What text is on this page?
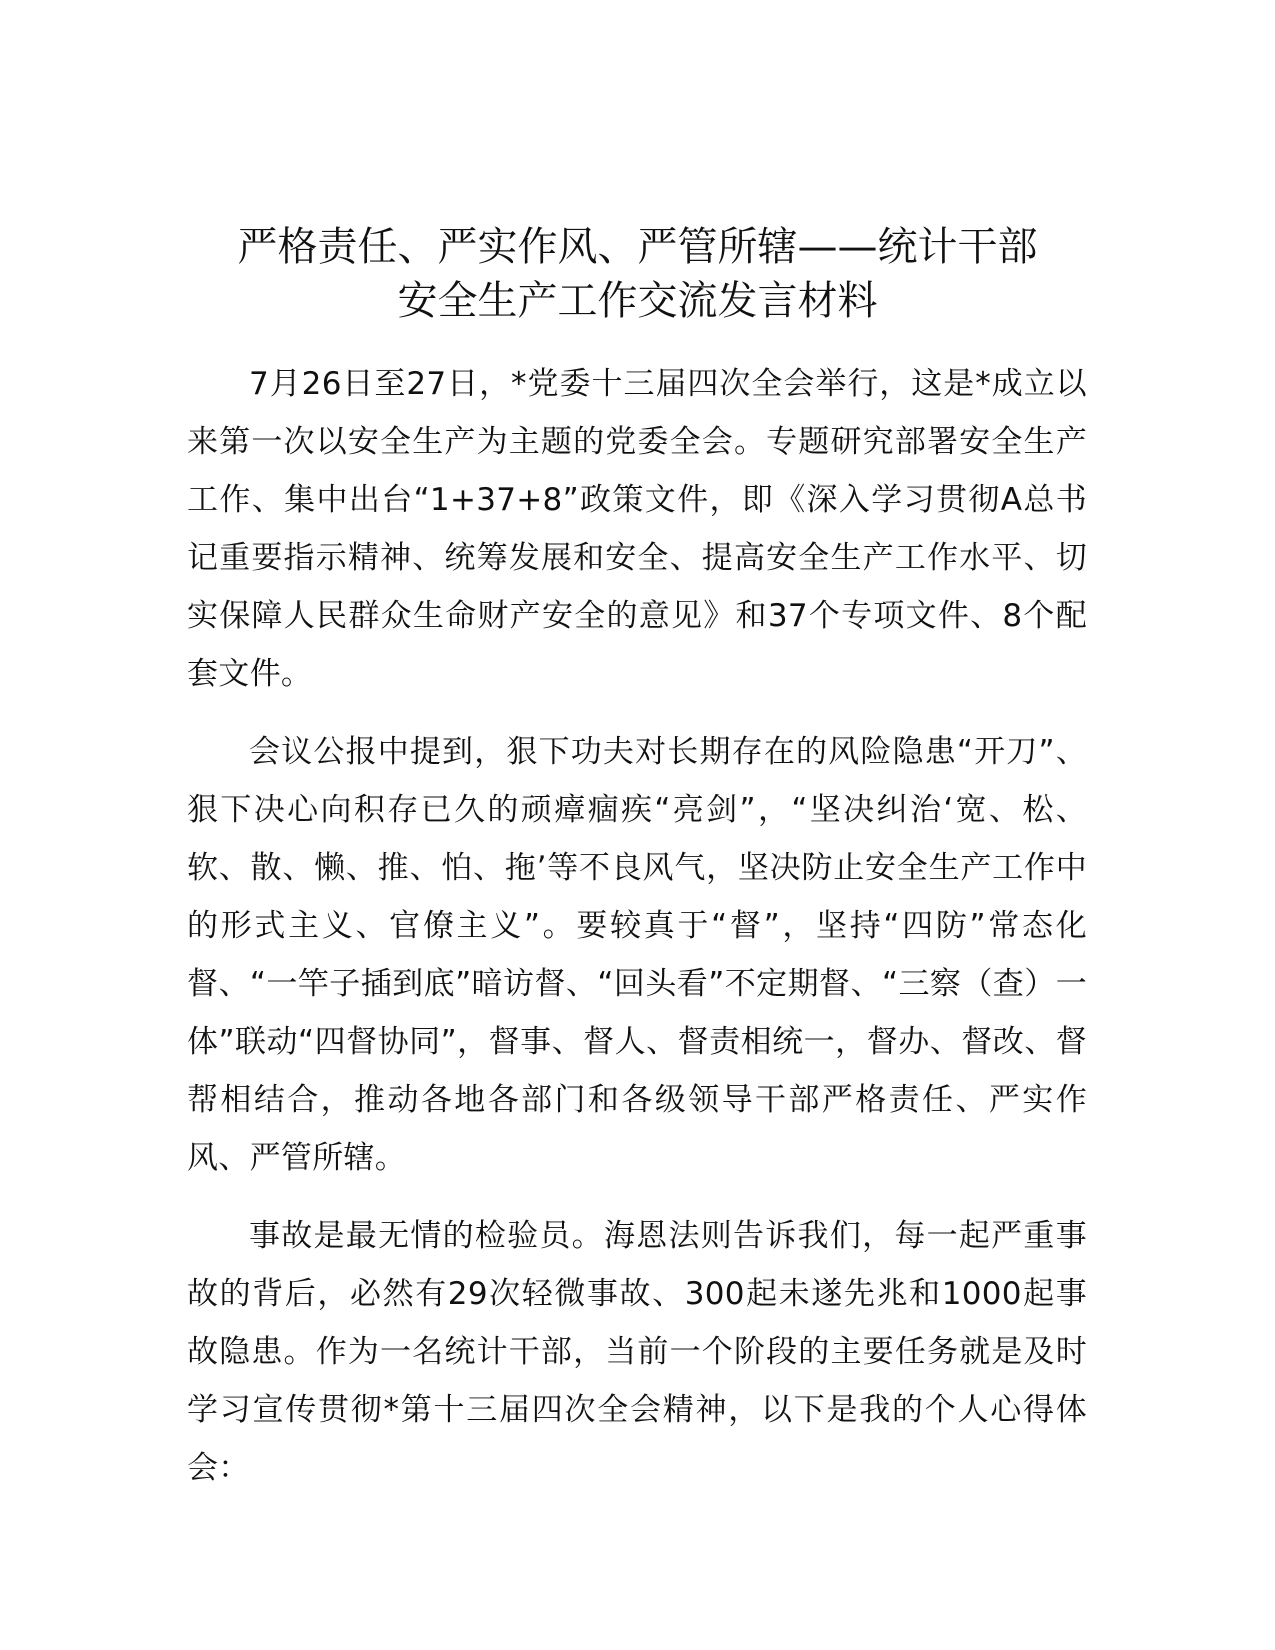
严格责任、严实作风、严管所辖——统计干部
安全生产工作交流发言材料

7月26日至27日，*党委十三届四次全会举行，这是*成立以来第一次以安全生产为主题的党委全会。专题研究部署安全生产工作、集中出台“1+37+8”政策文件，即《深入学习贯彻A总书记重要指示精神、统筹发展和安全、提高安全生产工作水平、切实保障人民群众生命财产安全的意见》和37个专项文件、8个配套文件。

会议公报中提到，狠下功夫对长期存在的风险隐患“开刀”、狠下决心向积存已久的顽瘴痼疾“亮剑”，“坚决纠治‘宽、松、软、散、懒、推、怕、拖’等不良风气，坚决防止安全生产工作中的形式主义、官僚主义”。要较真于“督”，坚持“四防”常态化督、“一竿子插到底”暗访督、“回头看”不定期督、“三察（查）一体”联动“四督协同”，督事、督人、督责相统一，督办、督改、督帮相结合，推动各地各部门和各级领导干部严格责任、严实作风、严管所辖。

事故是最无情的检验员。海恩法则告诉我们，每一起严重事故的背后，必然有29次轻微事故、300起未遂先兆和1000起事故隐患。作为一名统计干部，当前一个阶段的主要任务就是及时学习宣传贯彻*第十三届四次全会精神，以下是我的个人心得体会：
